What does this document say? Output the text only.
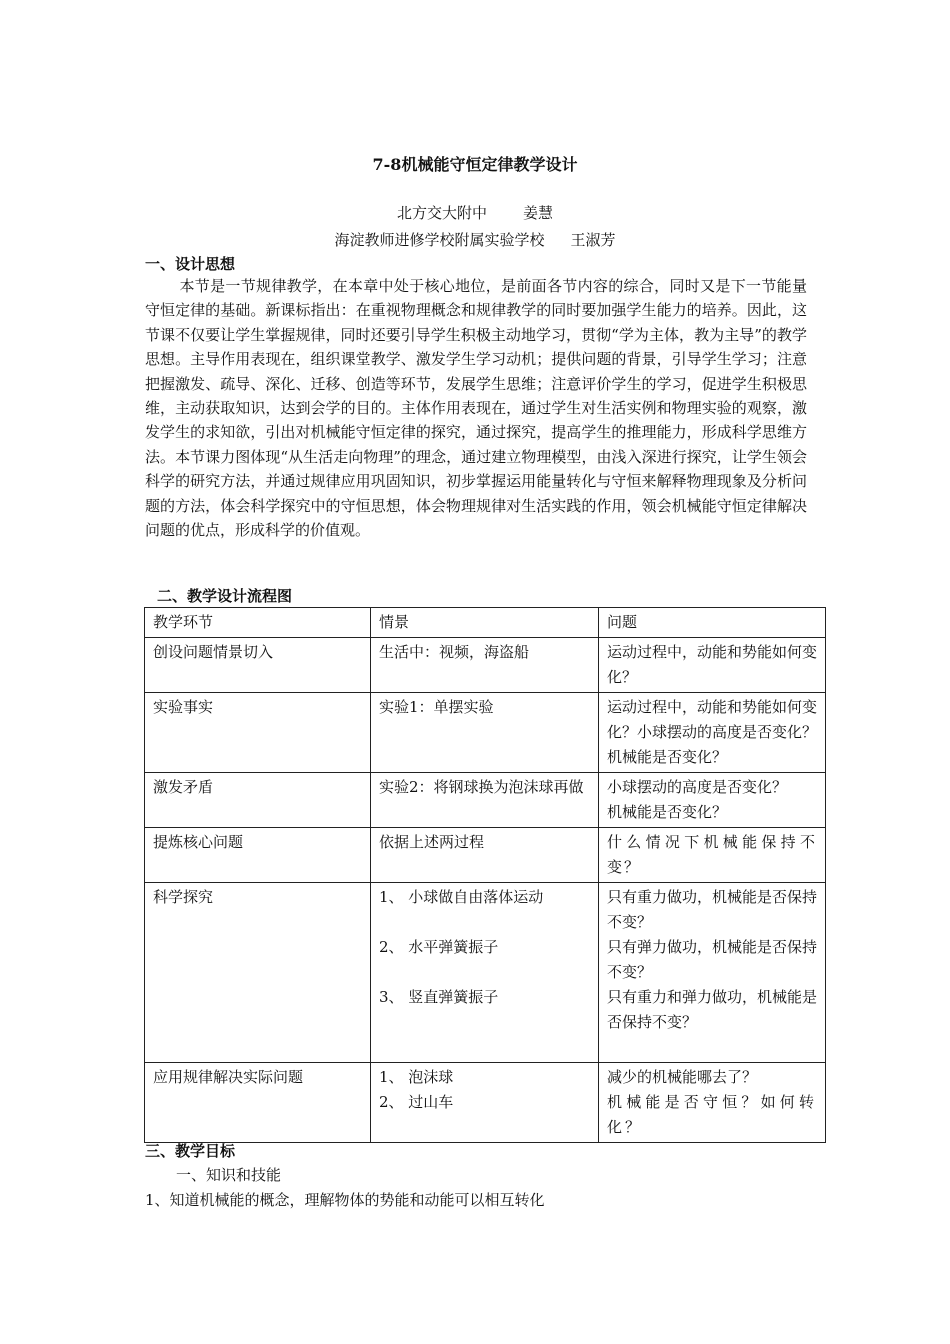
7-8机械能守恒定律教学设计
北方交大附中 姜慧
海淀教师进修学校附属实验学校 王淑芳
一、设计思想

本节是一节规律教学，在本章中处于核心地位，是前面各节内容的综合，同时又是下一节能量守恒定律的基础。新课标指出：在重视物理概念和规律教学的同时要加强学生能力的培养。因此，这节课不仅要让学生掌握规律，同时还要引导学生积极主动地学习，贯彻“学为主体，教为主导”的教学思想。主导作用表现在，组织课堂教学、激发学生学习动机；提供问题的背景，引导学生学习；注意把握激发、疏导、深化、迁移、创造等环节，发展学生思维；注意评价学生的学习，促进学生积极思维，主动获取知识，达到会学的目的。主体作用表现在，通过学生对生活实例和物理实验的观察，激发学生的求知欲，引出对机械能守恒定律的探究，通过探究，提高学生的推理能力，形成科学思维方法。本节课力图体现“从生活走向物理”的理念，通过建立物理模型，由浅入深进行探究，让学生领会科学的研究方法，并通过规律应用巩固知识，初步掌握运用能量转化与守恒来解释物理现象及分析问题的方法，体会科学探究中的守恒思想，体会物理规律对生活实践的作用，领会机械能守恒定律解决问题的优点，形成科学的价值观。

二、教学设计流程图
教学环节	情景	问题
创设问题情景切入	生活中：视频，海盗船	运动过程中，动能和势能如何变化？

实验事实	实验1：单摆实验	运动过程中，动能和势能如何变化？小球摆动的高度是否变化？机械能是否变化？

激发矛盾	实验2：将钢球换为泡沫球再做	小球摆动的高度是否变化？
机械能是否变化？

提炼核心问题	依据上述两过程	什么情况下机械能保持不变？

科学探究	1、 小球做自由落体运动
2、 水平弹簧振子
3、 竖直弹簧振子	只有重力做功，机械能是否保持不变？
只有弹力做功，机械能是否保持不变？
只有重力和弹力做功，机械能是否保持不变？

应用规律解决实际问题	1、 泡沫球
2、 过山车	减少的机械能哪去了？
机械能是否守恒？如何转化？
三、教学目标
一、知识和技能
1、知道机械能的概念，理解物体的势能和动能可以相互转化
